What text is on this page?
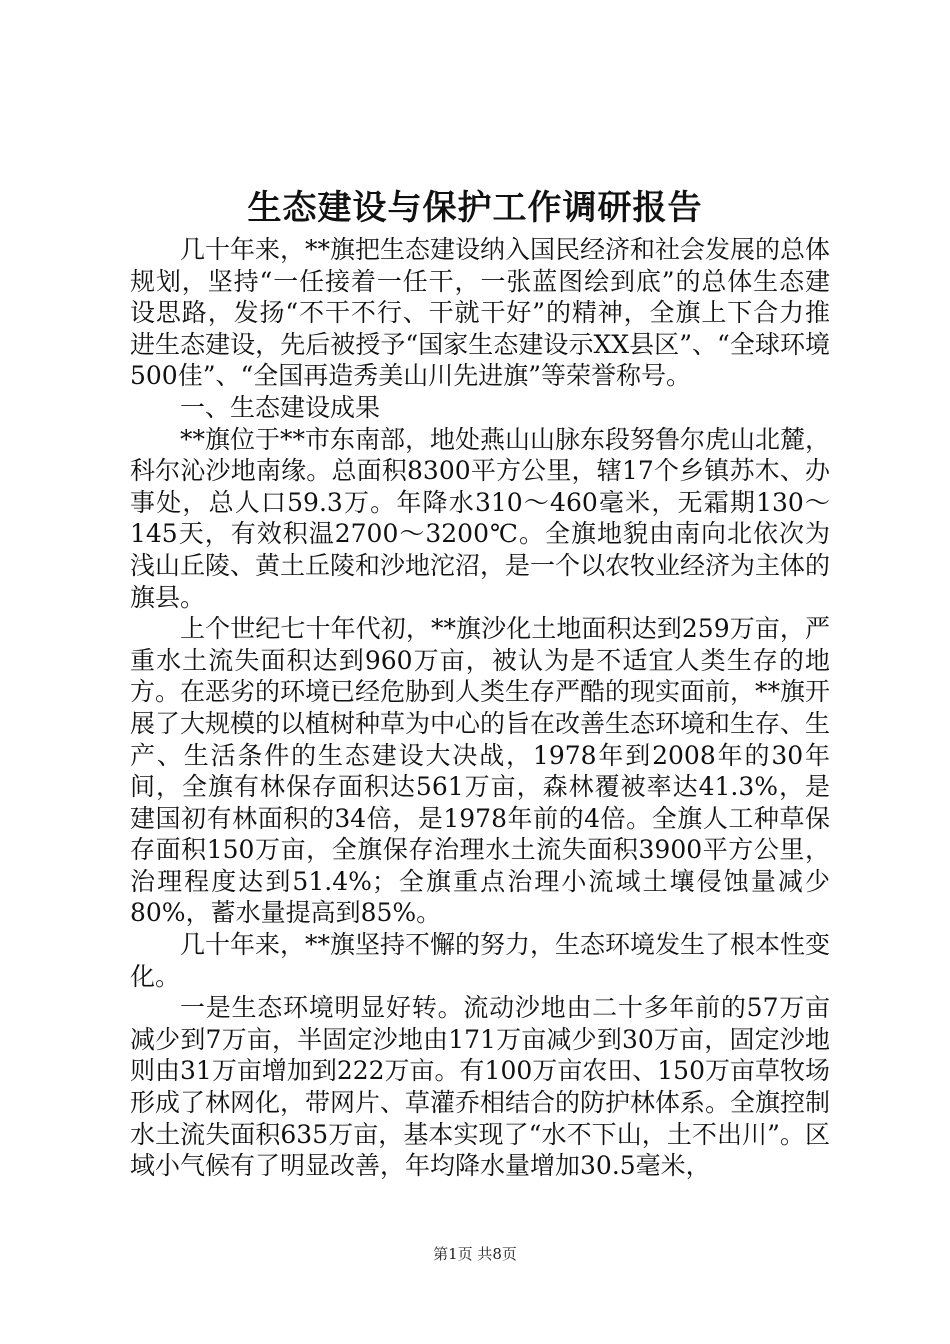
生态建设与保护工作调研报告

几十年来，**旗把生态建设纳入国民经济和社会发展的总体规划，坚持“一任接着一任干，一张蓝图绘到底”的总体生态建设思路，发扬“不干不行、干就干好”的精神，全旗上下合力推进生态建设，先后被授予“国家生态建设示XX县区”、“全球环境500佳”、“全国再造秀美山川先进旗”等荣誉称号。

一、生态建设成果

**旗位于**市东南部，地处燕山山脉东段努鲁尔虎山北麓，科尔沁沙地南缘。总面积8300平方公里，辖17个乡镇苏木、办事处，总人口59.3万。年降水310～460毫米，无霜期130～145天，有效积温2700～3200℃。全旗地貌由南向北依次为浅山丘陵、黄土丘陵和沙地沱沼，是一个以农牧业经济为主体的旗县。

上个世纪七十年代初，**旗沙化土地面积达到259万亩，严重水土流失面积达到960万亩，被认为是不适宜人类生存的地方。在恶劣的环境已经危胁到人类生存严酷的现实面前，**旗开展了大规模的以植树种草为中心的旨在改善生态环境和生存、生产、生活条件的生态建设大决战，1978年到2008年的30年间，全旗有林保存面积达561万亩，森林覆被率达41.3%，是建国初有林面积的34倍，是1978年前的4倍。全旗人工种草保存面积150万亩，全旗保存治理水土流失面积3900平方公里，治理程度达到51.4%；全旗重点治理小流域土壤侵蚀量减少80%，蓄水量提高到85%。

几十年来，**旗坚持不懈的努力，生态环境发生了根本性变化。

一是生态环境明显好转。流动沙地由二十多年前的57万亩减少到7万亩，半固定沙地由171万亩减少到30万亩，固定沙地则由31万亩增加到222万亩。有100万亩农田、150万亩草牧场形成了林网化，带网片、草灌乔相结合的防护林体系。全旗控制水土流失面积635万亩，基本实现了“水不下山，土不出川”。区域小气候有了明显改善，年均降水量增加30.5毫米，

第1页 共8页
